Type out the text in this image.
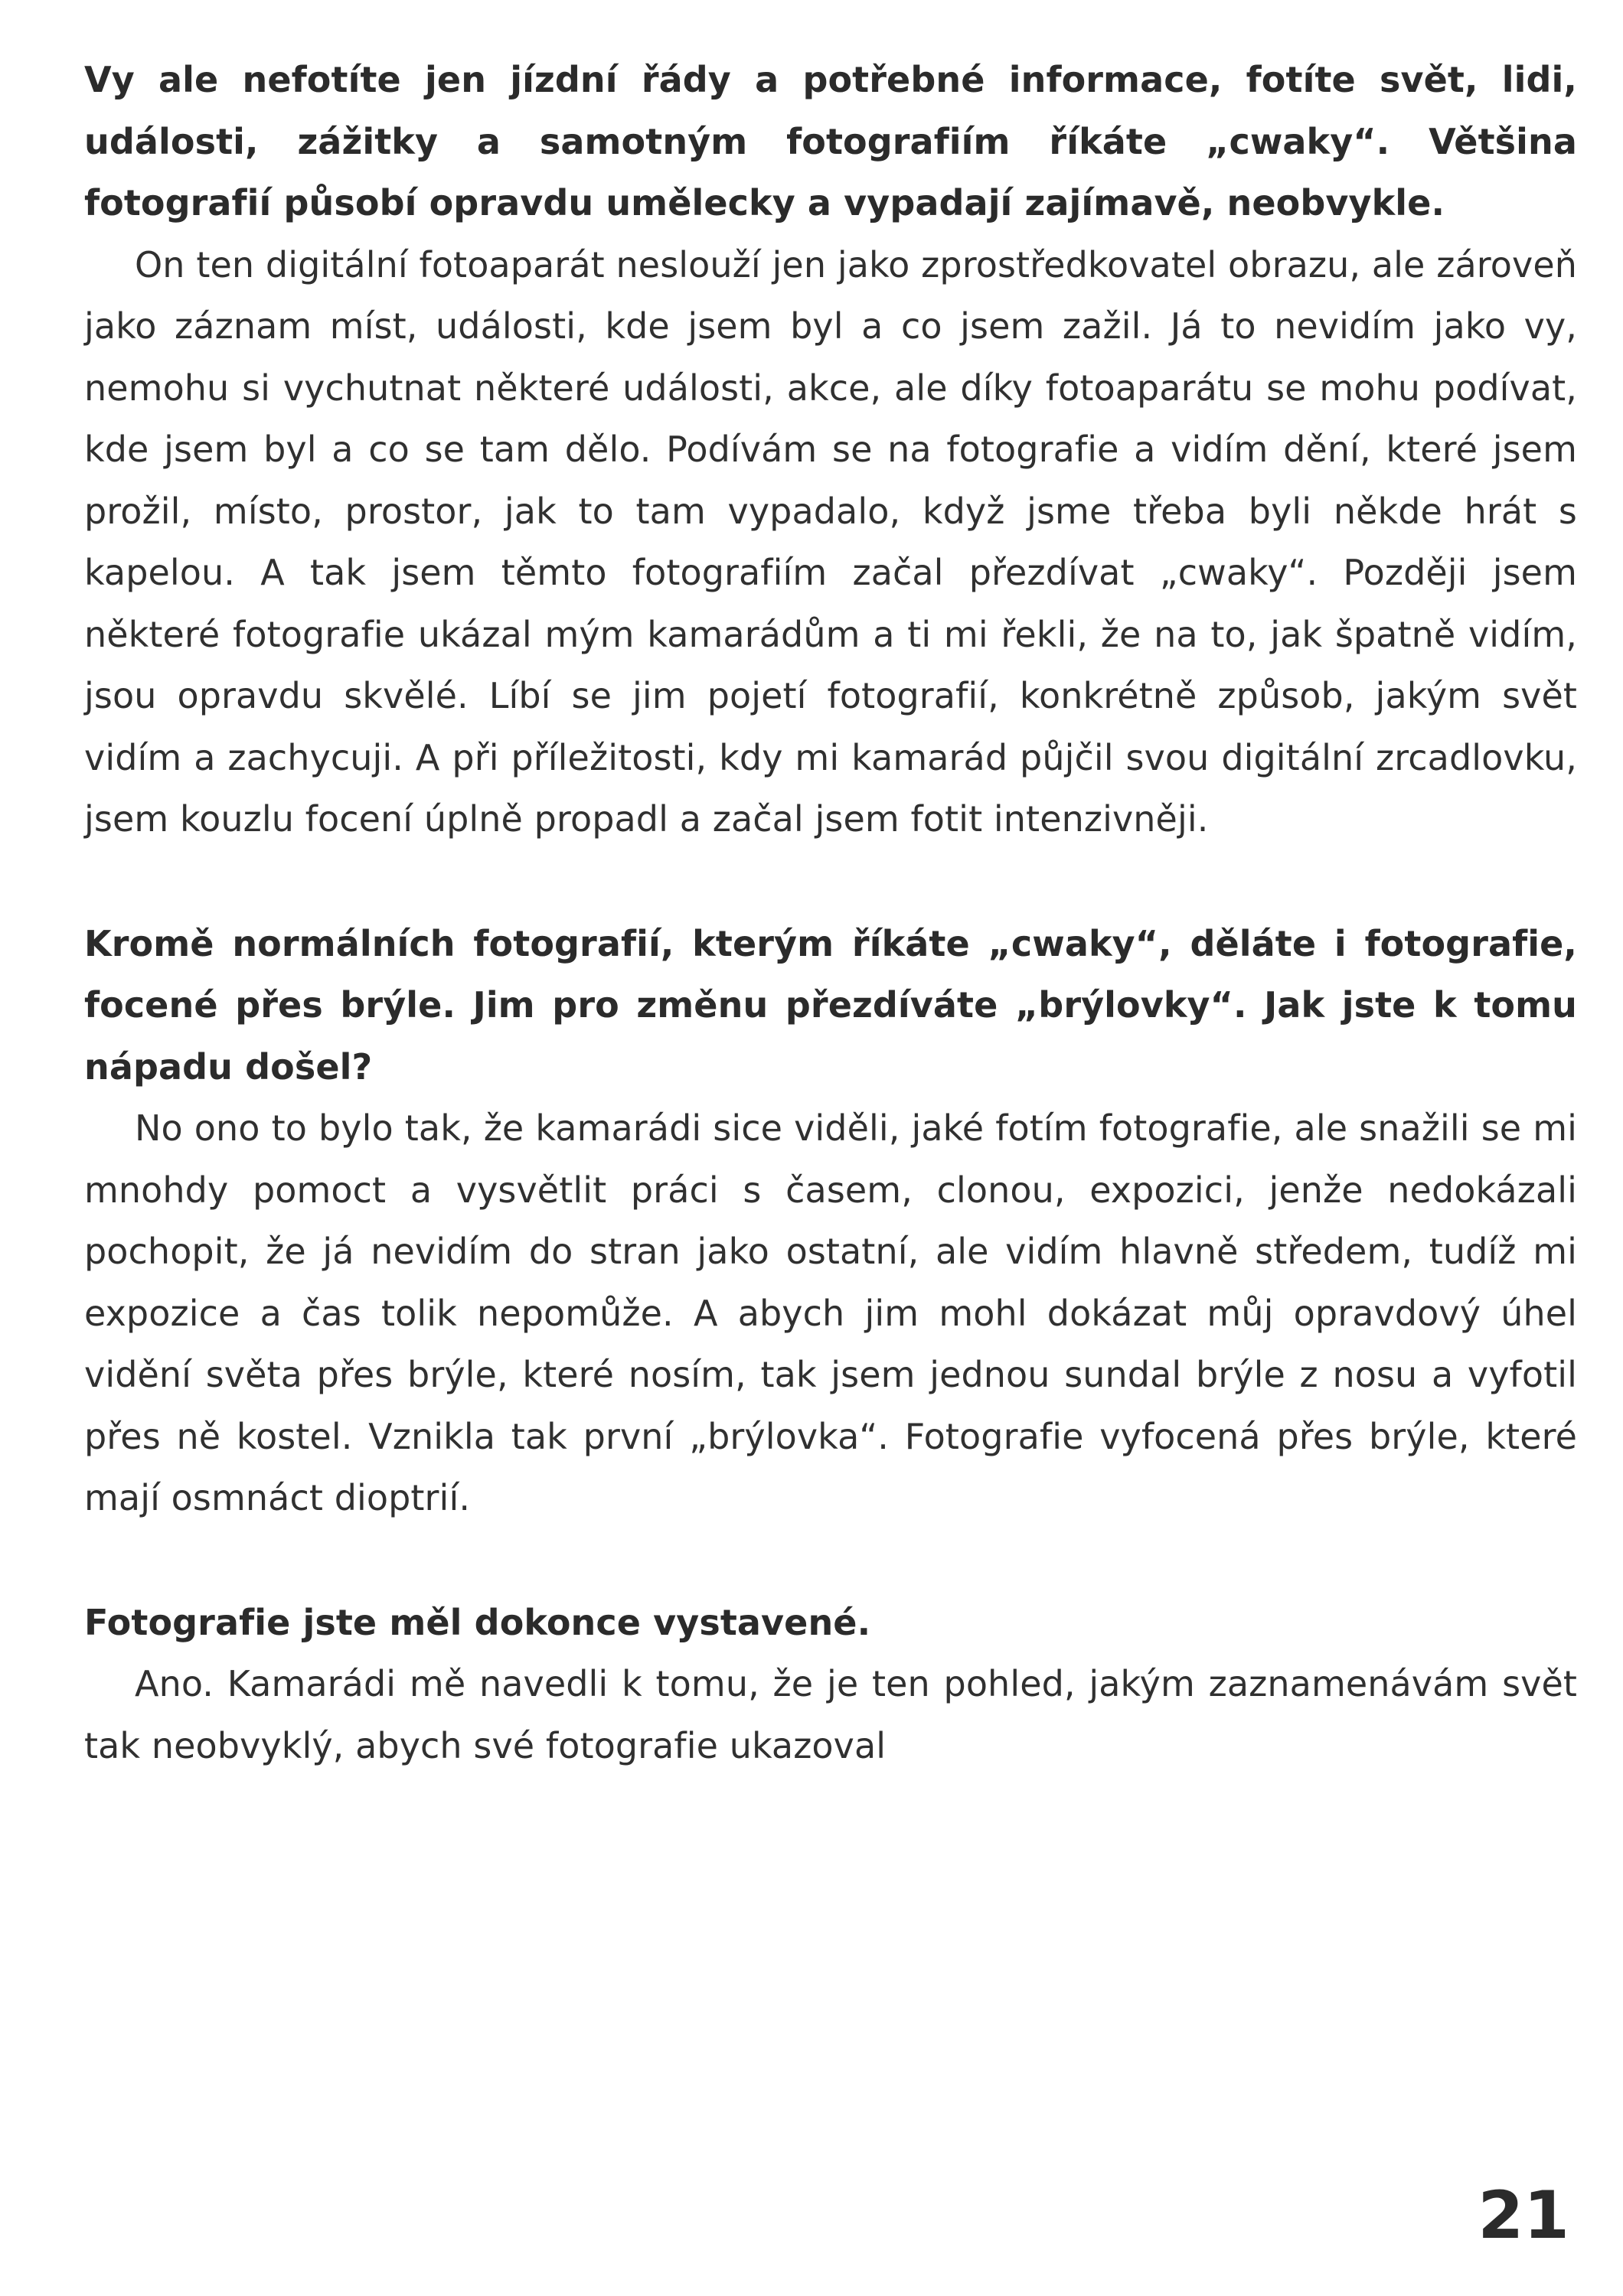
Vy ale nefotíte jen jízdní řády a potřebné informace, fotíte svět, lidi, události, zážitky a samotným fotografiím říkáte „cwaky“. Většina fotografií působí opravdu umělecky a vypadají zajímavě, neobvykle.

On ten digitální fotoaparát neslouží jen jako zprostředkovatel obrazu, ale zároveň jako záznam míst, události, kde jsem byl a co jsem zažil. Já to nevidím jako vy, nemohu si vychutnat některé události, akce, ale díky fotoaparátu se mohu podívat, kde jsem byl a co se tam dělo. Podívám se na fotografie a vidím dění, které jsem prožil, místo, prostor, jak to tam vypadalo, když jsme třeba byli někde hrát s kapelou. A tak jsem těmto fotografiím začal přezdívat „cwaky“. Později jsem některé fotografie ukázal mým kamarádům a ti mi řekli, že na to, jak špatně vidím, jsou opravdu skvělé. Líbí se jim pojetí fotografií, konkrétně způsob, jakým svět vidím a zachycuji. A při příležitosti, kdy mi kamarád půjčil svou digitální zrcadlovku, jsem kouzlu focení úplně propadl a začal jsem fotit intenzivněji.

Kromě normálních fotografií, kterým říkáte „cwaky“, děláte i fotografie, focené přes brýle. Jim pro změnu přezdíváte „brýlovky“. Jak jste k tomu nápadu došel?

No ono to bylo tak, že kamarádi sice viděli, jaké fotím fotografie, ale snažili se mi mnohdy pomoct a vysvětlit práci s časem, clonou, expozici, jenže nedokázali pochopit, že já nevidím do stran jako ostatní, ale vidím hlavně středem, tudíž mi expozice a čas tolik nepomůže. A abych jim mohl dokázat můj opravdový úhel vidění světa přes brýle, které nosím, tak jsem jednou sundal brýle z nosu a vyfotil přes ně kostel. Vznikla tak první „brýlovka“. Fotografie vyfocená přes brýle, které mají osmnáct dioptrií.

Fotografie jste měl dokonce vystavené.

Ano. Kamarádi mě navedli k tomu, že je ten pohled, jakým zaznamenávám svět tak neobvyklý, abych své fotografie ukazoval

21
